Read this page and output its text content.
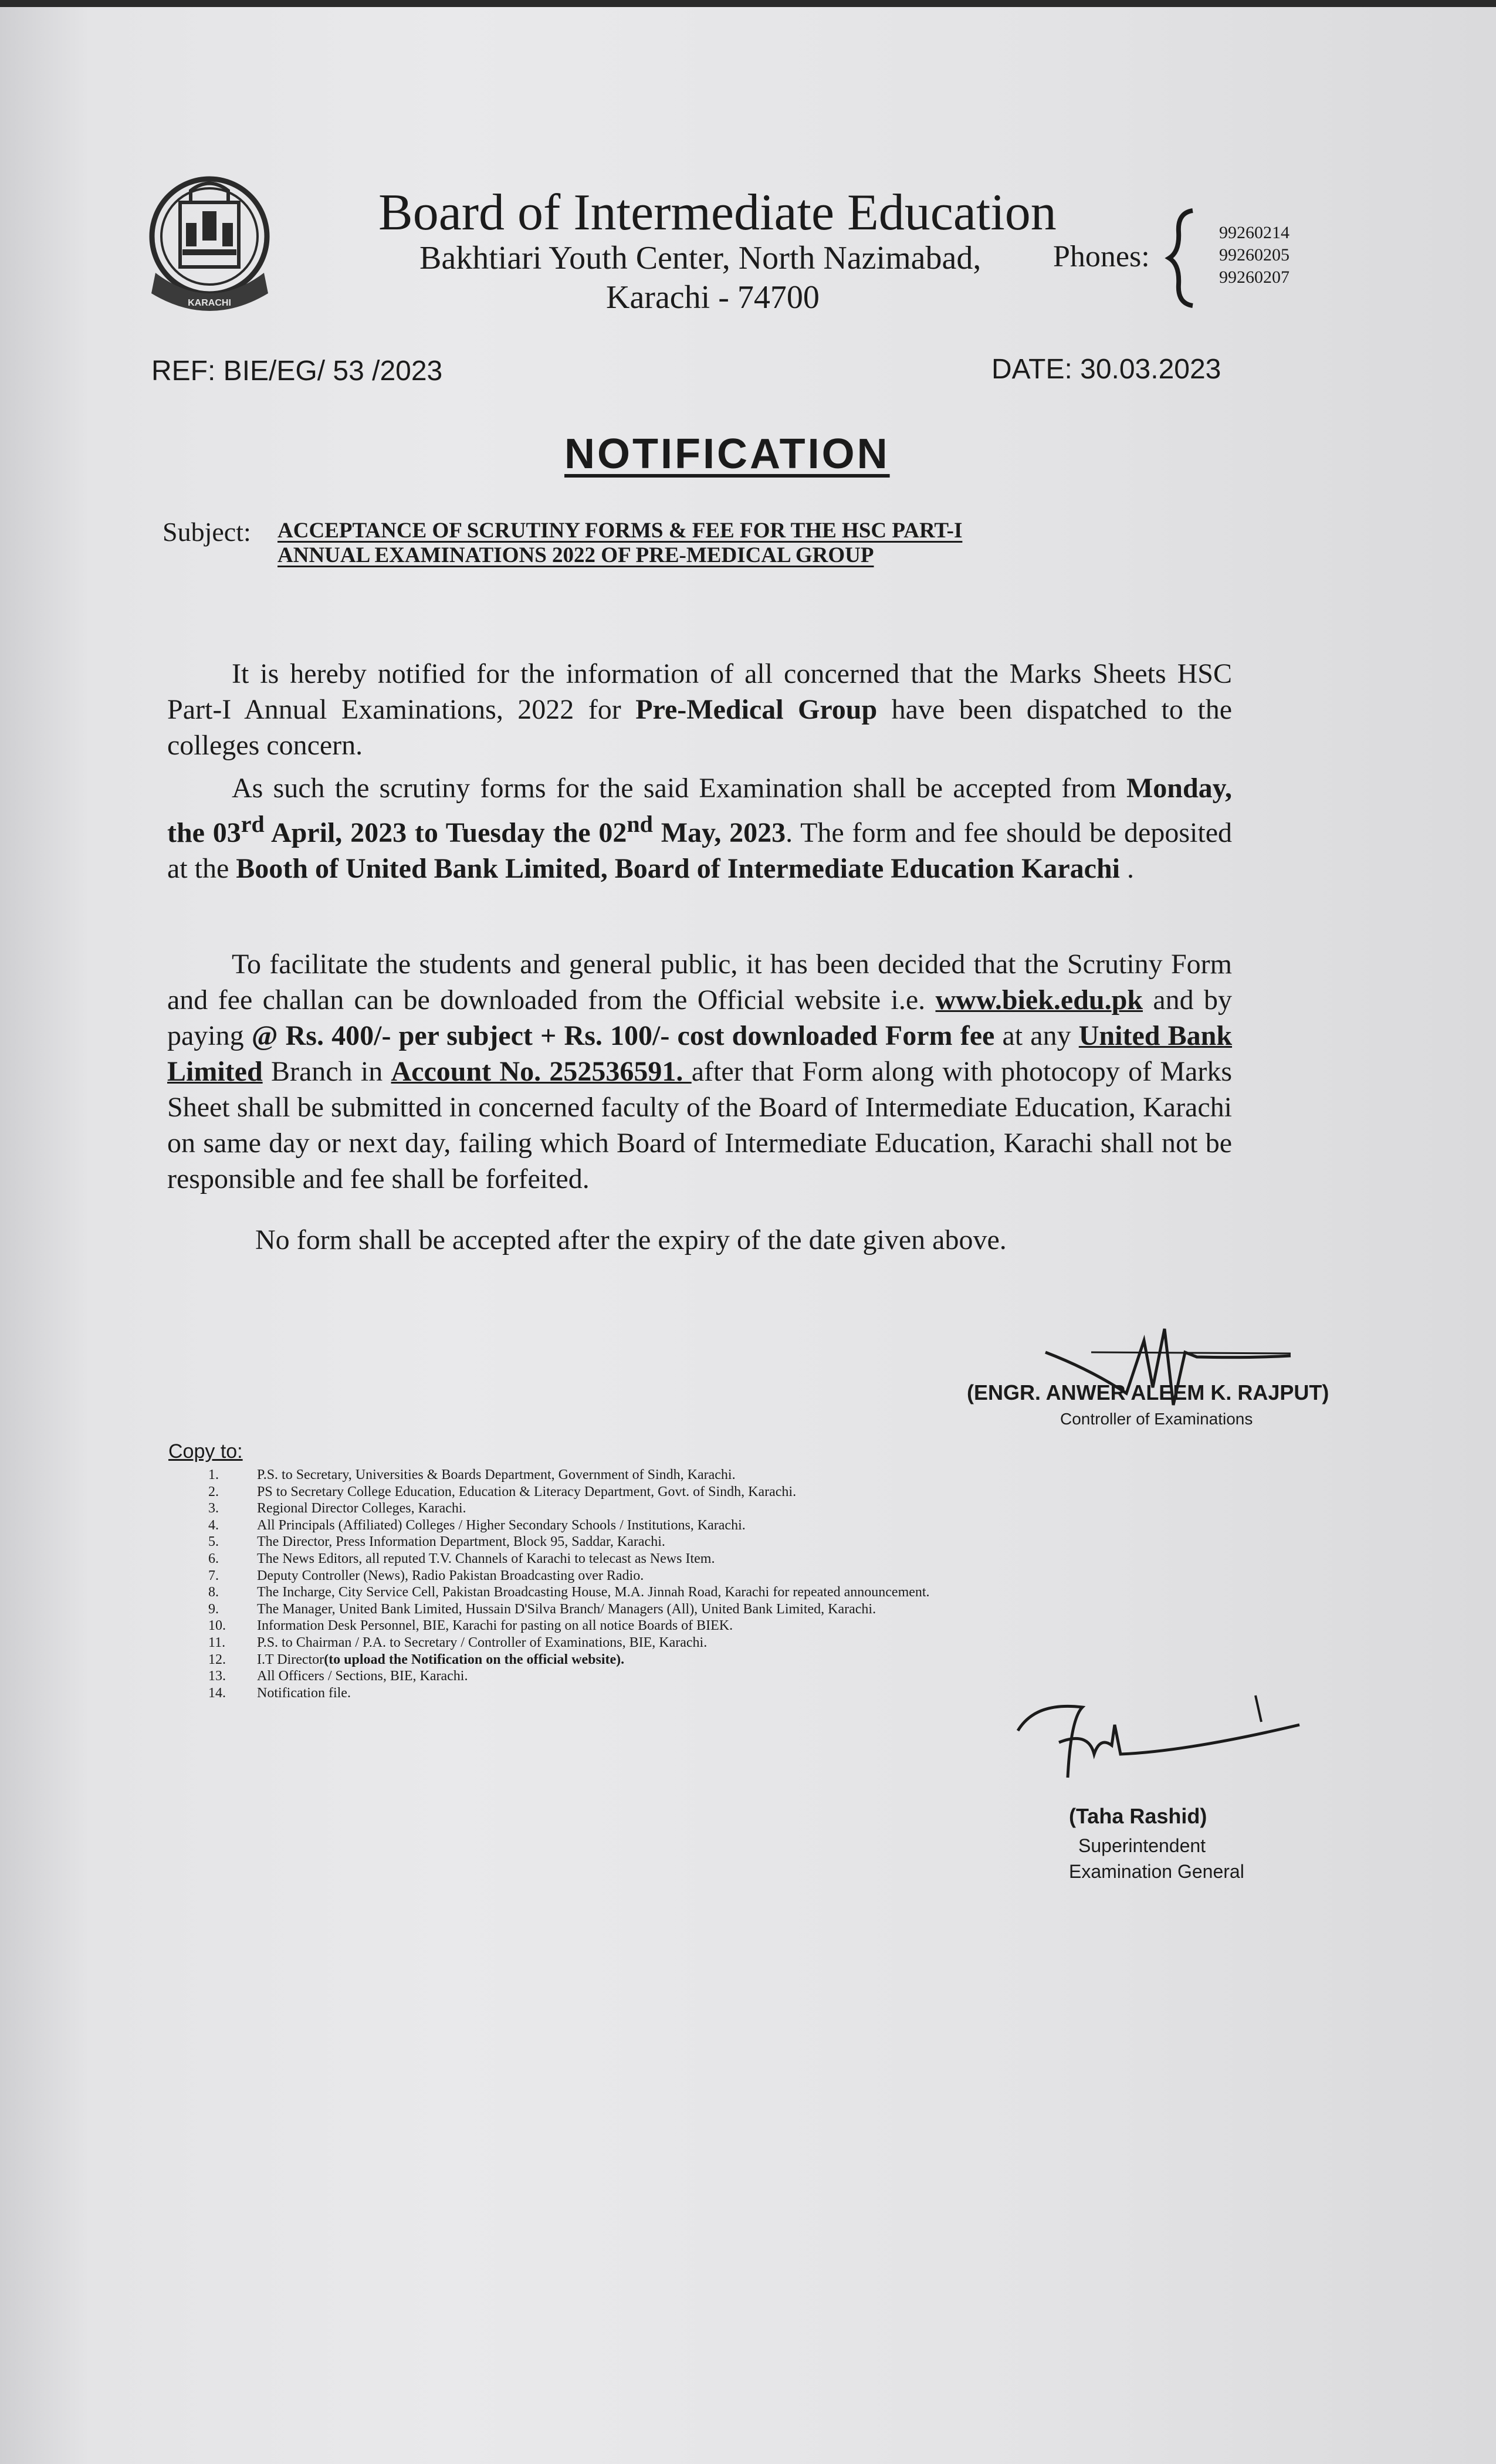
KARACHI
Board of Intermediate Education
Bakhtiari Youth Center, North Nazimabad,
Karachi - 74700
Phones:
99260214
99260205
99260207
REF: BIE/EG/ 53 /2023	DATE: 30.03.2023
NOTIFICATION
Subject: ACCEPTANCE OF SCRUTINY FORMS & FEE FOR THE HSC PART-I
ANNUAL EXAMINATIONS 2022 OF PRE-MEDICAL GROUP
It is hereby notified for the information of all concerned that the Marks Sheets HSC Part-I Annual Examinations, 2022 for Pre-Medical Group have been dispatched to the colleges concern.
As such the scrutiny forms for the said Examination shall be accepted from Monday, the 03rd April, 2023 to Tuesday the 02nd May, 2023. The form and fee should be deposited at the Booth of United Bank Limited, Board of Intermediate Education Karachi .
To facilitate the students and general public, it has been decided that the Scrutiny Form and fee challan can be downloaded from the Official website i.e. www.biek.edu.pk and by paying @ Rs. 400/- per subject + Rs. 100/- cost downloaded Form fee at any United Bank Limited Branch in Account No. 252536591. after that Form along with photocopy of Marks Sheet shall be submitted in concerned faculty of the Board of Intermediate Education, Karachi on same day or next day, failing which Board of Intermediate Education, Karachi shall not be responsible and fee shall be forfeited.
No form shall be accepted after the expiry of the date given above.
(ENGR. ANWER ALEEM K. RAJPUT)
Controller of Examinations
Copy to:
1.	P.S. to Secretary, Universities & Boards Department, Government of Sindh, Karachi.
2.	PS to Secretary College Education, Education & Literacy Department, Govt. of Sindh, Karachi.
3.	Regional Director Colleges, Karachi.
4.	All Principals (Affiliated) Colleges / Higher Secondary Schools / Institutions, Karachi.
5.	The Director, Press Information Department, Block 95, Saddar, Karachi.
6.	The News Editors, all reputed T.V. Channels of Karachi to telecast as News Item.
7.	Deputy Controller (News), Radio Pakistan Broadcasting over Radio.
8.	The Incharge, City Service Cell, Pakistan Broadcasting House, M.A. Jinnah Road, Karachi for repeated announcement.
9.	The Manager, United Bank Limited, Hussain D'Silva Branch/ Managers (All), United Bank Limited, Karachi.
10.	Information Desk Personnel, BIE, Karachi for pasting on all notice Boards of BIEK.
11.	P.S. to Chairman / P.A. to Secretary / Controller of Examinations, BIE, Karachi.
12.	I.T Director (to upload the Notification on the official website).
13.	All Officers / Sections, BIE, Karachi.
14.	Notification file.
(Taha Rashid)
Superintendent
Examination General
